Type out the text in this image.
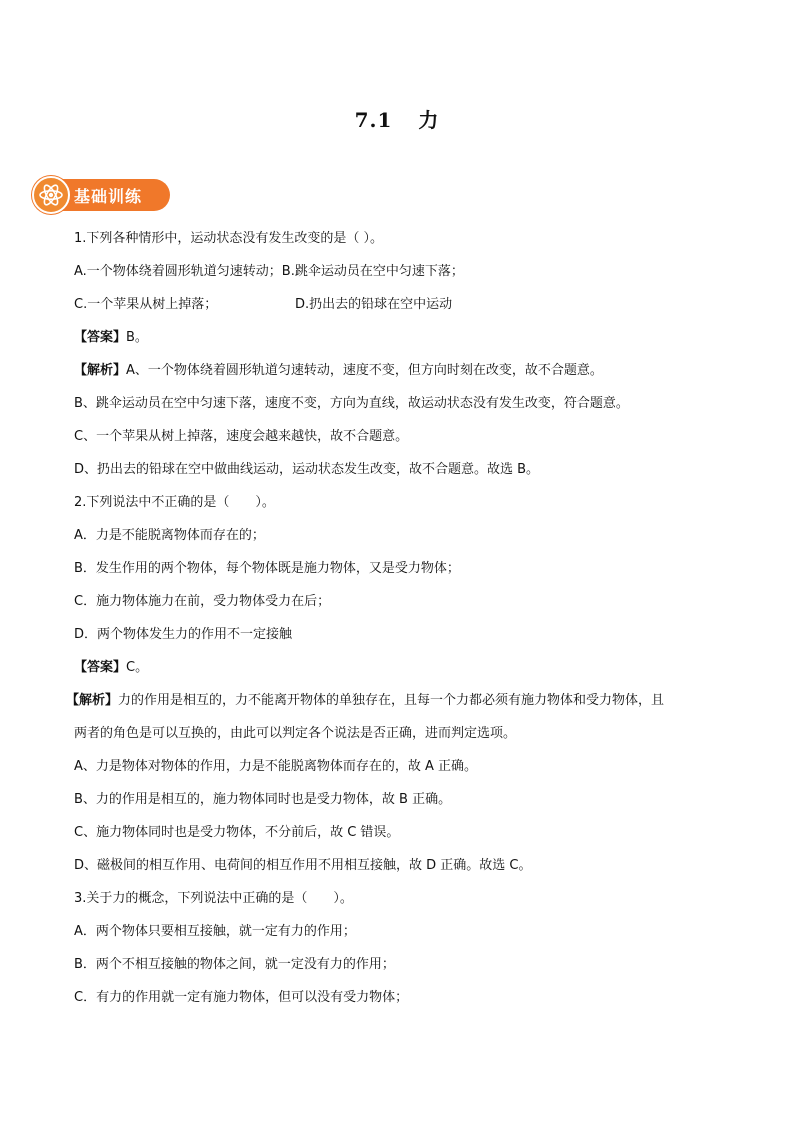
7.1 力
基础训练
1.下列各种情形中，运动状态没有发生改变的是（ ）。
A.一个物体绕着圆形轨道匀速转动；B.跳伞运动员在空中匀速下落；
C.一个苹果从树上掉落；	D.扔出去的铅球在空中运动
【答案】B。
【解析】A、一个物体绕着圆形轨道匀速转动，速度不变，但方向时刻在改变，故不合题意。
B、跳伞运动员在空中匀速下落，速度不变，方向为直线，故运动状态没有发生改变，符合题意。
C、一个苹果从树上掉落，速度会越来越快，故不合题意。
D、扔出去的铅球在空中做曲线运动，运动状态发生改变，故不合题意。故选 B。
2.下列说法中不正确的是（　　）。
A．力是不能脱离物体而存在的；
B．发生作用的两个物体，每个物体既是施力物体，又是受力物体；
C．施力物体施力在前，受力物体受力在后；
D．两个物体发生力的作用不一定接触
【答案】C。
【解析】力的作用是相互的，力不能离开物体的单独存在，且每一个力都必须有施力物体和受力物体，且
两者的角色是可以互换的，由此可以判定各个说法是否正确，进而判定选项。
A、力是物体对物体的作用，力是不能脱离物体而存在的，故 A 正确。
B、力的作用是相互的，施力物体同时也是受力物体，故 B 正确。
C、施力物体同时也是受力物体，不分前后，故 C 错误。
D、磁极间的相互作用、电荷间的相互作用不用相互接触，故 D 正确。故选 C。
3.关于力的概念，下列说法中正确的是（　　）。
A．两个物体只要相互接触，就一定有力的作用；
B．两个不相互接触的物体之间，就一定没有力的作用；
C．有力的作用就一定有施力物体，但可以没有受力物体；
